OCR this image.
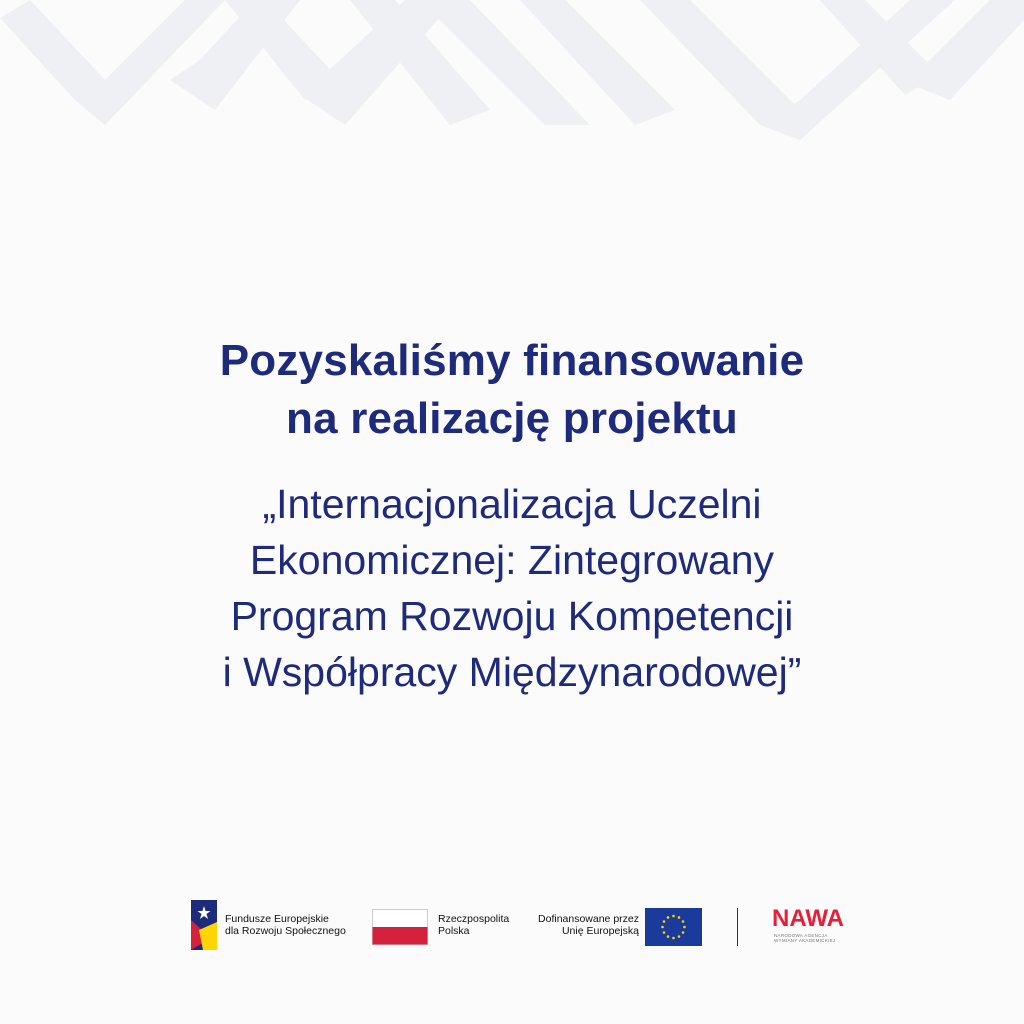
Pozyskaliśmy finansowanie
na realizację projektu
„Internacjonalizacja Uczelni
Ekonomicznej: Zintegrowany
Program Rozwoju Kompetencji
i Współpracy Międzynarodowej”
Fundusze Europejskie
dla Rozwoju Społecznego
Rzeczpospolita
Polska
Dofinansowane przez
Unię Europejską	NAWA
NARODOWA AGENCJA
WYMIANY AKADEMICKIEJ
